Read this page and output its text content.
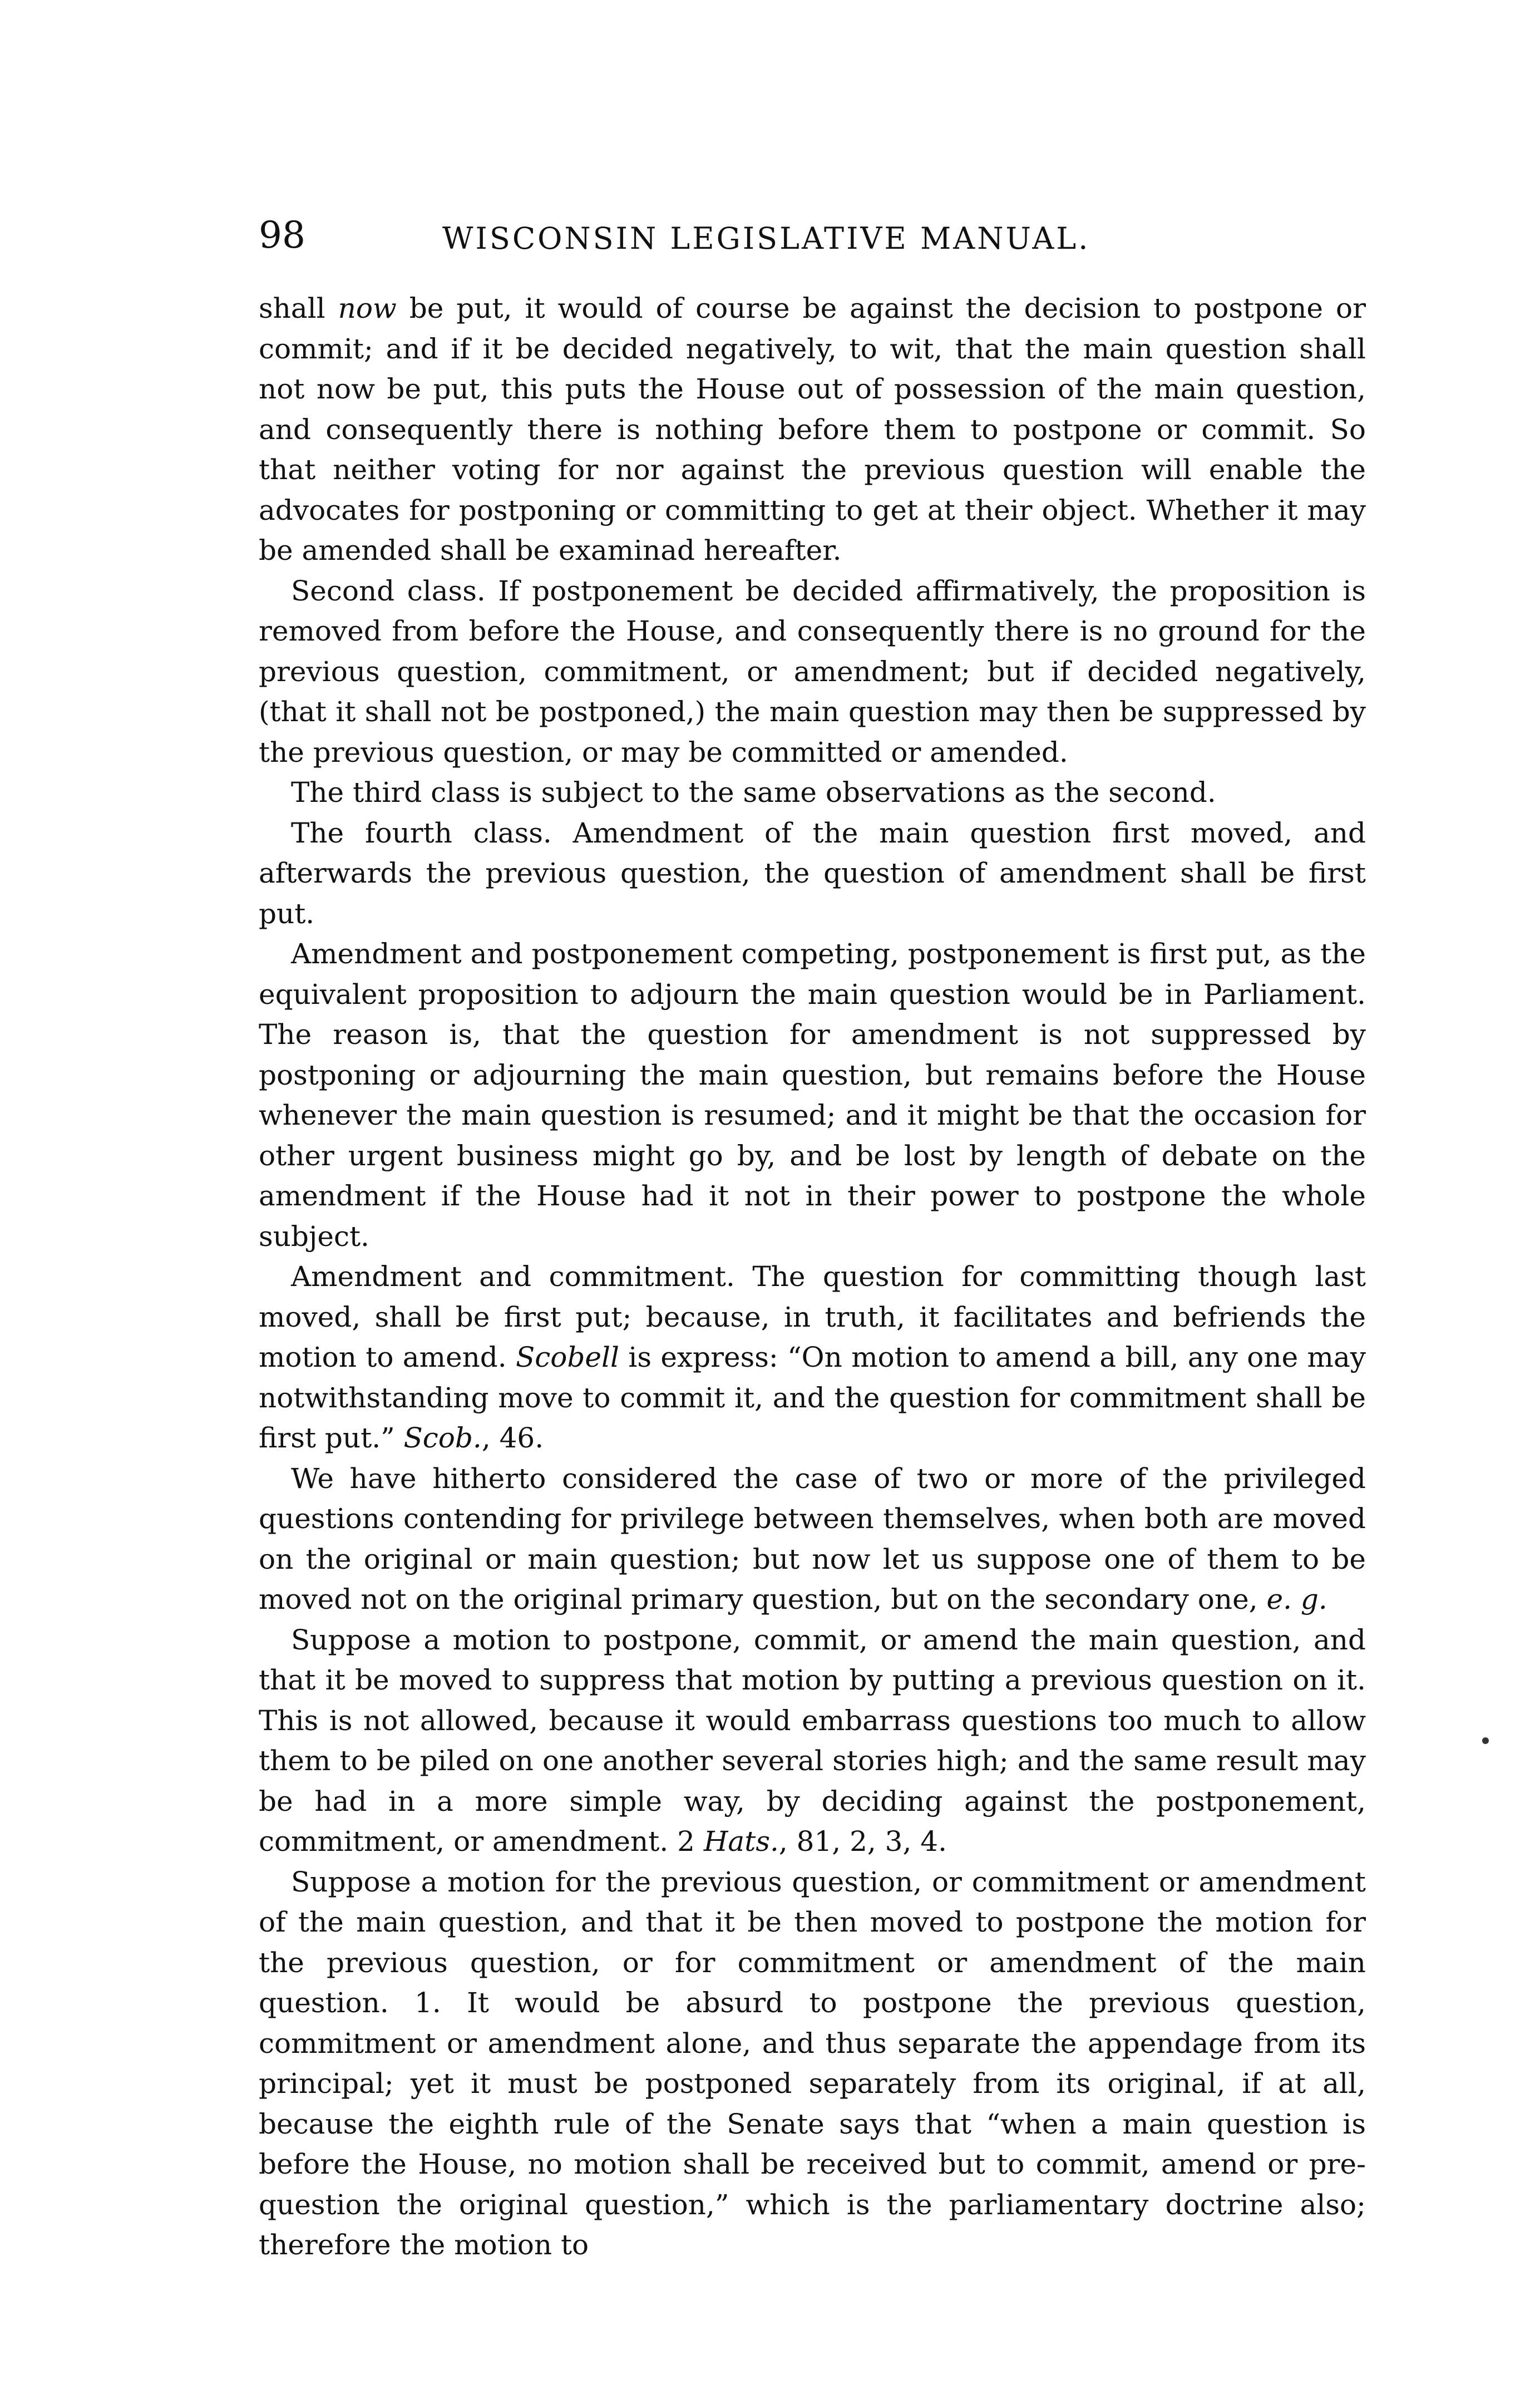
98	WISCONSIN LEGISLATIVE MANUAL.

shall now be put, it would of course be against the decision to postpone or commit; and if it be decided negatively, to wit, that the main question shall not now be put, this puts the House out of possession of the main question, and consequently there is nothing before them to postpone or commit. So that neither voting for nor against the previous question will enable the advocates for postponing or committing to get at their object. Whether it may be amended shall be examinad hereafter.

Second class. If postponement be decided affirmatively, the proposition is removed from before the House, and consequently there is no ground for the previous question, commitment, or amendment; but if decided negatively, (that it shall not be postponed,) the main question may then be suppressed by the previous question, or may be committed or amended.

The third class is subject to the same observations as the second.

The fourth class. Amendment of the main question first moved, and afterwards the previous question, the question of amendment shall be first put.

Amendment and postponement competing, postponement is first put, as the equivalent proposition to adjourn the main question would be in Parliament. The reason is, that the question for amendment is not suppressed by postponing or adjourning the main question, but remains before the House whenever the main question is resumed; and it might be that the occasion for other urgent business might go by, and be lost by length of debate on the amendment if the House had it not in their power to postpone the whole subject.

Amendment and commitment. The question for committing though last moved, shall be first put; because, in truth, it facilitates and befriends the motion to amend. Scobell is express: “On motion to amend a bill, any one may notwithstanding move to commit it, and the question for commitment shall be first put.” Scob., 46.

We have hitherto considered the case of two or more of the privileged questions contending for privilege between themselves, when both are moved on the original or main question; but now let us suppose one of them to be moved not on the original primary question, but on the secondary one, e. g.

Suppose a motion to postpone, commit, or amend the main question, and that it be moved to suppress that motion by putting a previous question on it. This is not allowed, because it would embarrass questions too much to allow them to be piled on one another several stories high; and the same result may be had in a more simple way, by deciding against the postponement, commitment, or amendment. 2 Hats., 81, 2, 3, 4.

Suppose a motion for the previous question, or commitment or amendment of the main question, and that it be then moved to postpone the motion for the previous question, or for commitment or amendment of the main question. 1. It would be absurd to postpone the previous question, commitment or amendment alone, and thus separate the appendage from its principal; yet it must be postponed separately from its original, if at all, because the eighth rule of the Senate says that “when a main question is before the House, no motion shall be received but to commit, amend or pre-question the original question,” which is the parliamentary doctrine also; therefore the motion to
